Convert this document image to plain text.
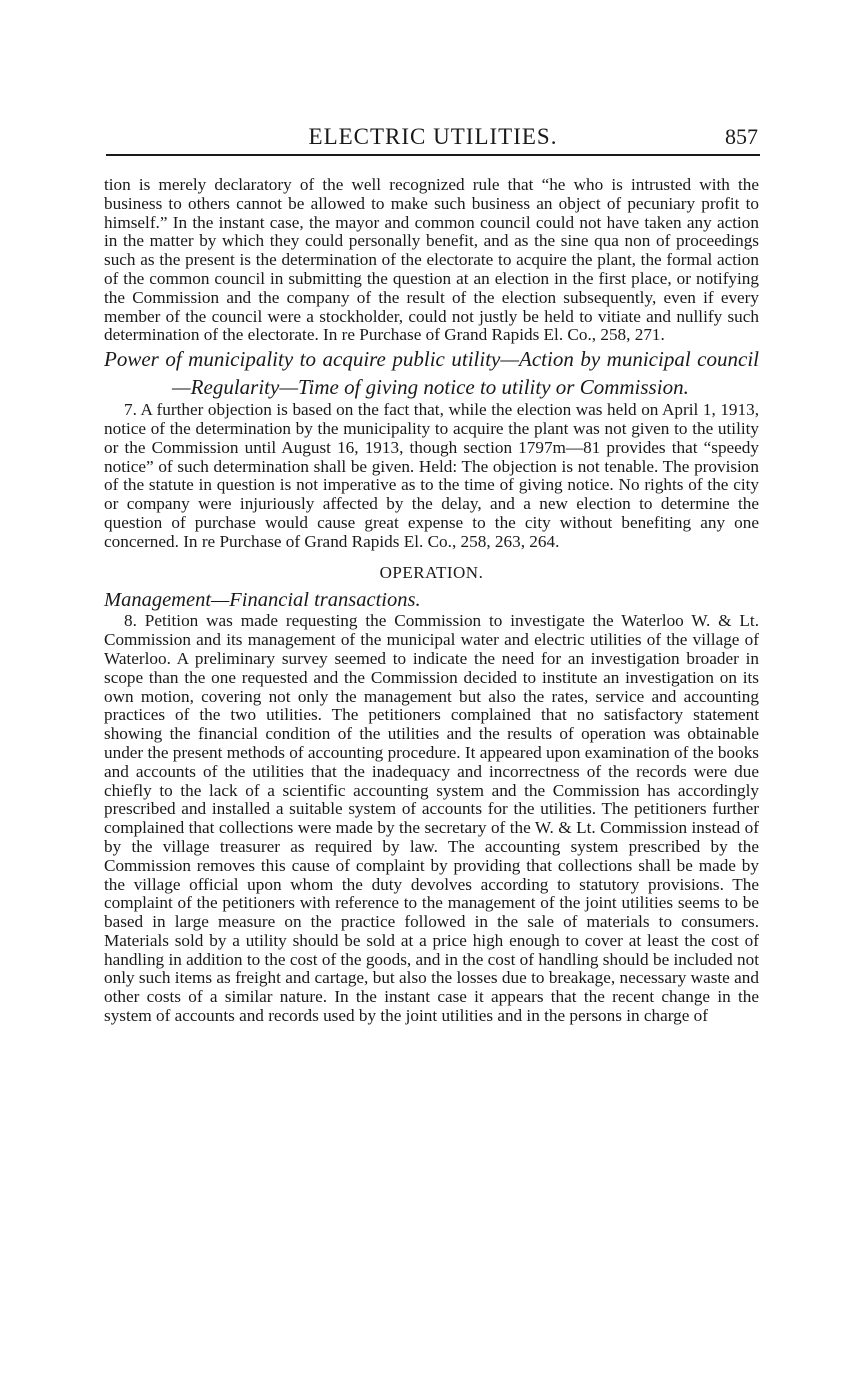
ELECTRIC UTILITIES.	857

tion is merely declaratory of the well recognized rule that “he who is intrusted with the business to others cannot be allowed to make such business an object of pecuniary profit to himself.” In the instant case, the mayor and common council could not have taken any action in the matter by which they could personally benefit, and as the sine qua non of proceedings such as the present is the determination of the electorate to acquire the plant, the formal action of the common council in submitting the question at an election in the first place, or notifying the Commission and the company of the result of the election subsequently, even if every member of the council were a stockholder, could not justly be held to vitiate and nullify such determination of the electorate. In re Purchase of Grand Rapids El. Co., 258, 271.

Power of municipality to acquire public utility—Action by municipal council—Regularity—Time of giving notice to utility or Commission.

7. A further objection is based on the fact that, while the election was held on April 1, 1913, notice of the determination by the municipality to acquire the plant was not given to the utility or the Commission until August 16, 1913, though section 1797m—81 provides that “speedy notice” of such determination shall be given. Held: The objection is not tenable. The provision of the statute in question is not imperative as to the time of giving notice. No rights of the city or company were injuriously affected by the delay, and a new election to determine the question of purchase would cause great expense to the city without benefiting any one concerned. In re Purchase of Grand Rapids El. Co., 258, 263, 264.

OPERATION.

Management—Financial transactions.

8. Petition was made requesting the Commission to investigate the Waterloo W. & Lt. Commission and its management of the municipal water and electric utilities of the village of Waterloo. A preliminary survey seemed to indicate the need for an investigation broader in scope than the one requested and the Commission decided to institute an investigation on its own motion, covering not only the management but also the rates, service and accounting practices of the two utilities. The petitioners complained that no satisfactory statement showing the financial condition of the utilities and the results of operation was obtainable under the present methods of accounting procedure. It appeared upon examination of the books and accounts of the utilities that the inadequacy and incorrectness of the records were due chiefly to the lack of a scientific accounting system and the Commission has accordingly prescribed and installed a suitable system of accounts for the utilities. The petitioners further complained that collections were made by the secretary of the W. & Lt. Commission instead of by the village treasurer as required by law. The accounting system prescribed by the Commission removes this cause of complaint by providing that collections shall be made by the village official upon whom the duty devolves according to statutory provisions. The complaint of the petitioners with reference to the management of the joint utilities seems to be based in large measure on the practice followed in the sale of materials to consumers. Materials sold by a utility should be sold at a price high enough to cover at least the cost of handling in addition to the cost of the goods, and in the cost of handling should be included not only such items as freight and cartage, but also the losses due to breakage, necessary waste and other costs of a similar nature. In the instant case it appears that the recent change in the system of accounts and records used by the joint utilities and in the persons in charge of
